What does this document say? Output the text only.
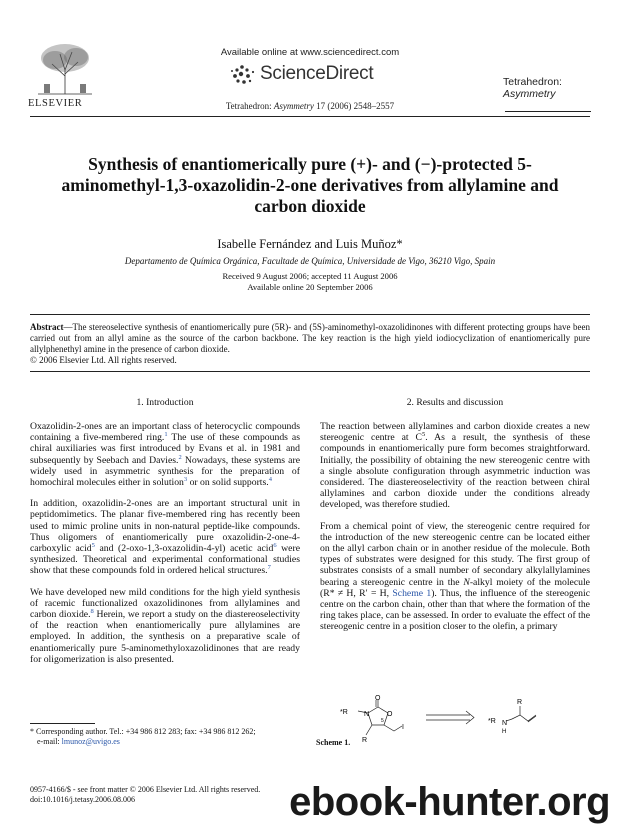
Available online at www.sciencedirect.com
ScienceDirect
Tetrahedron: Asymmetry 17 (2006) 2548–2557
ELSEVIER
Tetrahedron:
Asymmetry
Synthesis of enantiomerically pure (+)- and (−)-protected 5-aminomethyl-1,3-oxazolidin-2-one derivatives from allylamine and carbon dioxide
Isabelle Fernández and Luis Muñoz*
Departamento de Química Orgánica, Facultade de Química, Universidade de Vigo, 36210 Vigo, Spain
Received 9 August 2006; accepted 11 August 2006
Available online 20 September 2006
Abstract—The stereoselective synthesis of enantiomerically pure (5R)- and (5S)-aminomethyl-oxazolidinones with different protecting groups have been carried out from an allyl amine as the source of the carbon backbone. The key reaction is the high yield iodiocyclization of enantiomerically pure allylphenethyl amine in the presence of carbon dioxide.
© 2006 Elsevier Ltd. All rights reserved.
1. Introduction	2. Results and discussion

Oxazolidin-2-ones are an important class of heterocyclic compounds containing a five-membered ring.$^1$ The use of these compounds as chiral auxiliaries was first introduced by Evans et al. in 1981 and subsequently by Seebach and Davies.$^2$ Nowadays, these systems are widely used in asymmetric synthesis for the preparation of homochiral molecules either in solution$^3$ or on solid supports.$^4$

In addition, oxazolidin-2-ones are an important structural unit in peptidomimetics. The planar five-membered ring has recently been used to mimic proline units in non-natural peptide-like compounds. Thus oligomers of enantiomerically pure oxazolidin-2-one-4-carboxylic acid$^5$ and (2-oxo-1,3-oxazolidin-4-yl) acetic acid$^6$ were synthesized. Theoretical and experimental conformational studies show that these compounds fold in ordered helical structures.$^7$

We have developed new mild conditions for the high yield synthesis of racemic functionalized oxazolidinones from allylamines and carbon dioxide.$^8$ Herein, we report a study on the diastereoselectivity of the reaction when enantiomerically pure allylamines are employed. In addition, the synthesis on a preparative scale of enantiomerically pure 5-aminomethyloxazolidinones that are ready for oligomerization is also presented.

The reaction between allylamines and carbon dioxide creates a new stereogenic centre at $C^5$. As a result, the synthesis of these compounds in enantiomerically pure form becomes straightforward. Initially, the possibility of obtaining the new stereogenic centre with a single absolute configuration through asymmetric induction was considered. The diastereoselectivity of the reaction between chiral allylamines and carbon dioxide under the conditions already developed, was therefore studied.

From a chemical point of view, the stereogenic centre required for the introduction of the new stereogenic centre can be located either on the allyl carbon chain or in another residue of the molecule. Both types of substrates were designed for this study. The first group of substrates consists of a small number of secondary alkylallylamines bearing a stereogenic centre in the N-alkyl moiety of the molecule (R* ≠ H, R′ = H, Scheme 1). Thus, the influence of the stereogenic centre on the carbon chain, other than that where the formation of the ring takes place, can be assessed. In order to evaluate the effect of the stereogenic centre in a position closer to the olefin, a primary

*R N	O
O
5
I
R
*R N
H
R
Scheme 1.
* Corresponding author. Tel.: +34 986 812 283; fax: +34 986 812 262;
e-mail: lmunoz@uvigo.es
0957-4166/$ - see front matter © 2006 Elsevier Ltd. All rights reserved.
doi:10.1016/j.tetasy.2006.08.006	ebook-hunter.org
